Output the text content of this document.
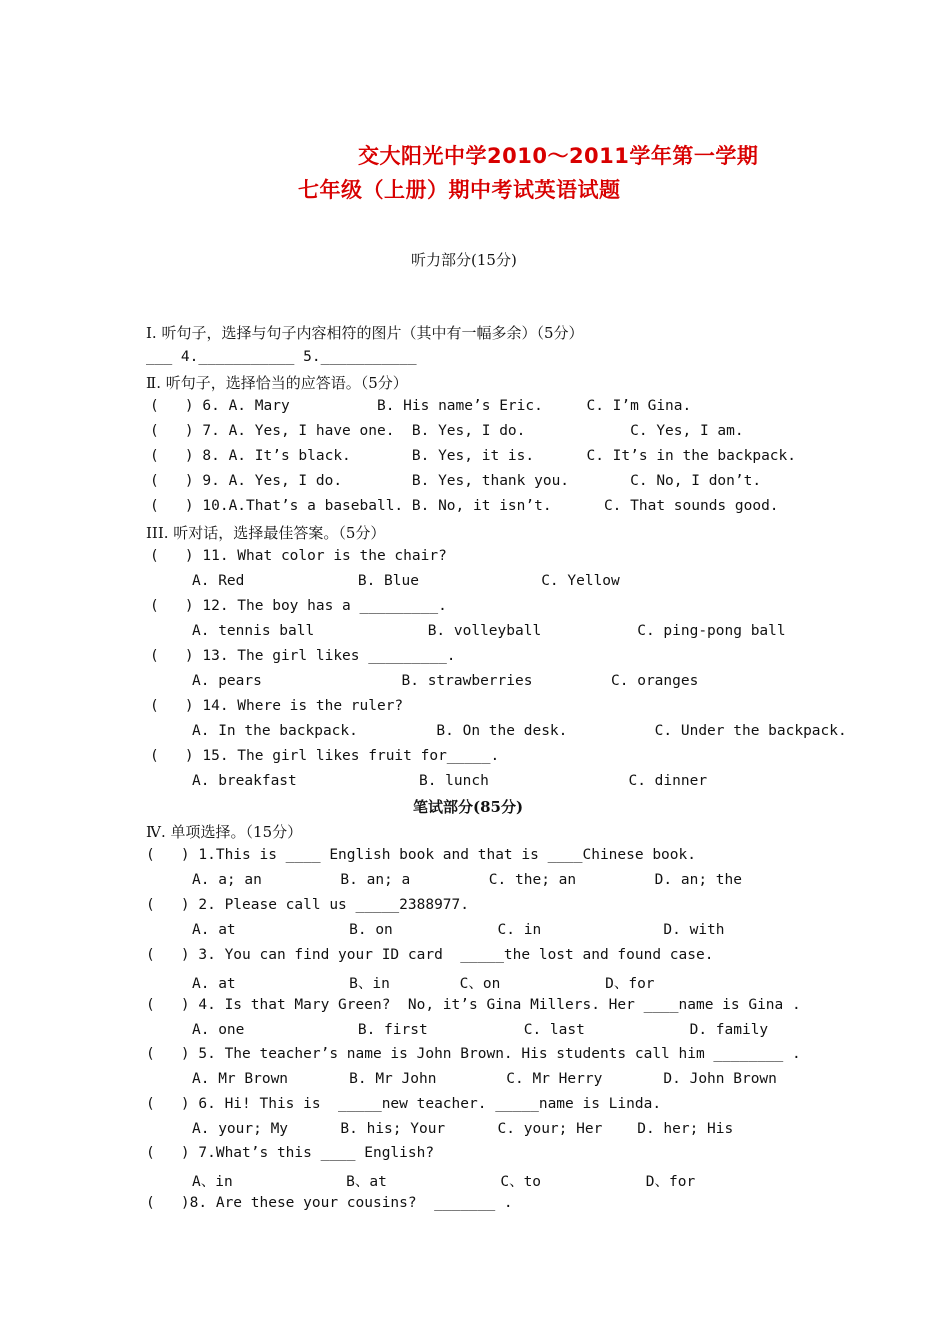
交大阳光中学2010～2011学年第一学期
七年级（上册）期中考试英语试题
听力部分(15分)
Ⅰ. 听句子，选择与句子内容相符的图片（其中有一幅多余）（5分）
___ 4.___________ 5.___________
Ⅱ. 听句子，选择恰当的应答语。（5分）
(   ) 6. A. Mary          B. His name’s Eric.     C. I’m Gina.
(   ) 7. A. Yes, I have one.  B. Yes, I do.            C. Yes, I am.
(   ) 8. A. It’s black.       B. Yes, it is.      C. It’s in the backpack.
(   ) 9. A. Yes, I do.        B. Yes, thank you.       C. No, I don’t.
(   ) 10.A.That’s a baseball. B. No, it isn’t.      C. That sounds good.
III. 听对话，选择最佳答案。（5分）
(   ) 11. What color is the chair?
A. Red             B. Blue              C. Yellow
(   ) 12. The boy has a _________.
A. tennis ball             B. volleyball           C. ping-pong ball
(   ) 13. The girl likes _________.
A. pears                B. strawberries         C. oranges
(   ) 14. Where is the ruler?
A. In the backpack.         B. On the desk.          C. Under the backpack.
(   ) 15. The girl likes fruit for_____.
A. breakfast              B. lunch                C. dinner
笔试部分(85分)
Ⅳ. 单项选择。（15分）
(   ) 1.This is ____ English book and that is ____Chinese book.
A. a; an         B. an; a         C. the; an         D. an; the
(   ) 2. Please call us _____2388977.
A. at             B. on            C. in              D. with
(   ) 3. You can find your ID card  _____the lost and found case.
A. at             B、in        C、on            D、for
(   ) 4. Is that Mary Green?  No, it’s Gina Millers. Her ____name is Gina .
A. one             B. first           C. last            D. family
(   ) 5. The teacher’s name is John Brown. His students call him ________ .
A. Mr Brown       B. Mr John        C. Mr Herry       D. John Brown
(   ) 6. Hi! This is  _____new teacher. _____name is Linda.
A. your; My      B. his; Your      C. your; Her    D. her; His
(   ) 7.What’s this ____ English?
A、in             B、at             C、to            D、for
(   )8. Are these your cousins?  _______ .
